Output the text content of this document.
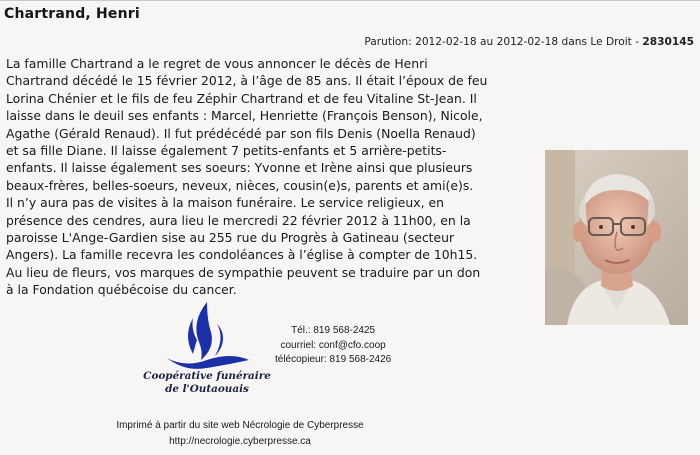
Chartrand, Henri
Parution: 2012-02-18 au 2012-02-18 dans Le Droit - 2830145
La famille Chartrand a le regret de vous annoncer le décès de Henri
Chartrand décédé le 15 février 2012, à l’âge de 85 ans. Il était l’époux de feu
Lorina Chénier et le fils de feu Zéphir Chartrand et de feu Vitaline St-Jean. Il
laisse dans le deuil ses enfants : Marcel, Henriette (François Benson), Nicole,
Agathe (Gérald Renaud). Il fut prédécédé par son fils Denis (Noella Renaud)
et sa fille Diane. Il laisse également 7 petits-enfants et 5 arrière-petits-
enfants. Il laisse également ses soeurs: Yvonne et Irène ainsi que plusieurs
beaux-frères, belles-soeurs, neveux, nièces, cousin(e)s, parents et ami(e)s.
Il n’y aura pas de visites à la maison funéraire. Le service religieux, en
présence des cendres, aura lieu le mercredi 22 février 2012 à 11h00, en la
paroisse L'Ange-Gardien sise au 255 rue du Progrès à Gatineau (secteur
Angers). La famille recevra les condoléances à l’église à compter de 10h15.
Au lieu de fleurs, vos marques de sympathie peuvent se traduire par un don
à la Fondation québécoise du cancer.
Coopérative funéraire
de l'Outaouais
Tél.: 819 568-2425
courriel: conf@cfo.coop
télécopieur: 819 568-2426
Imprimé à partir du site web Nécrologie de Cyberpresse
http://necrologie.cyberpresse.ca
